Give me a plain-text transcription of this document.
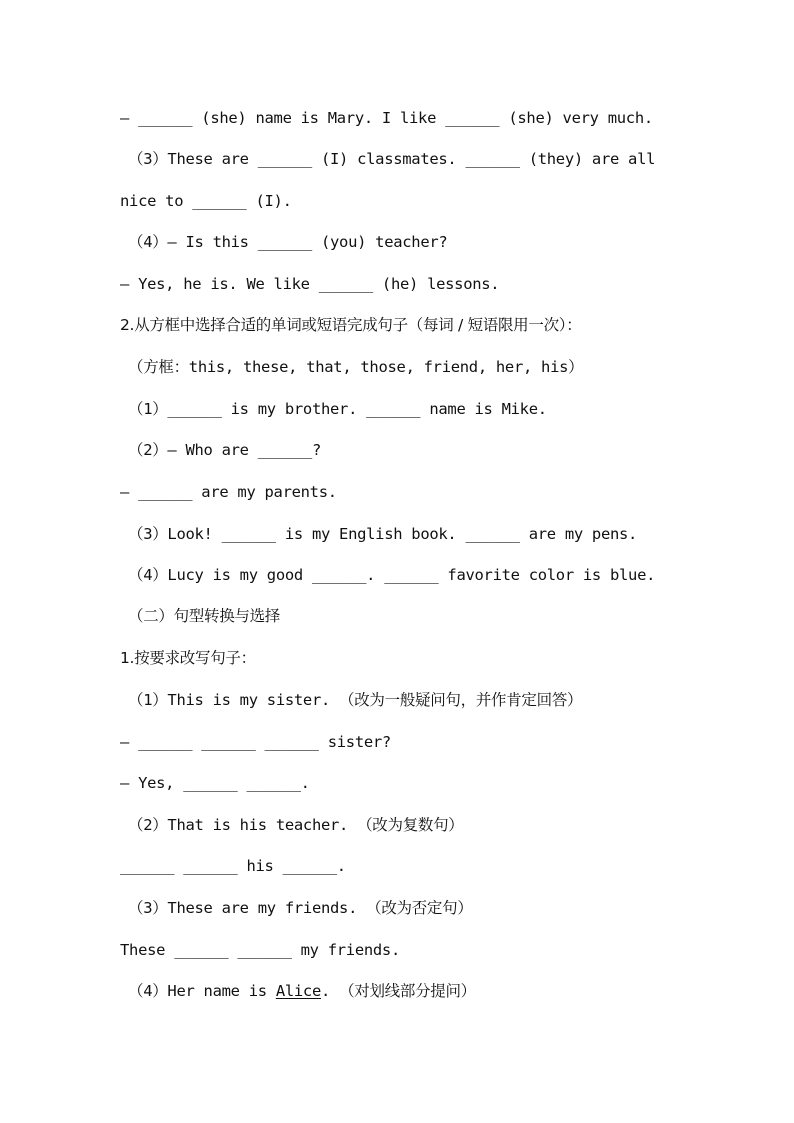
— ______ (she) name is Mary. I like ______ (she) very much.
（3）These are ______ (I) classmates. ______ (they) are all
nice to ______ (I).
（4）— Is this ______ (you) teacher?
— Yes, he is. We like ______ (he) lessons.
2.从方框中选择合适的单词或短语完成句子（每词 / 短语限用一次）：
（方框：this, these, that, those, friend, her, his）
（1）______ is my brother. ______ name is Mike.
（2）— Who are ______?
— ______ are my parents.
（3）Look! ______ is my English book. ______ are my pens.
（4）Lucy is my good ______. ______ favorite color is blue.
（二）句型转换与选择
1.按要求改写句子：
（1）This is my sister. （改为一般疑问句，并作肯定回答）
— ______ ______ ______ sister?
— Yes, ______ ______.
（2）That is his teacher. （改为复数句）
______ ______ his ______.
（3）These are my friends. （改为否定句）
These ______ ______ my friends.
（4）Her name is Alice. （对划线部分提问）
